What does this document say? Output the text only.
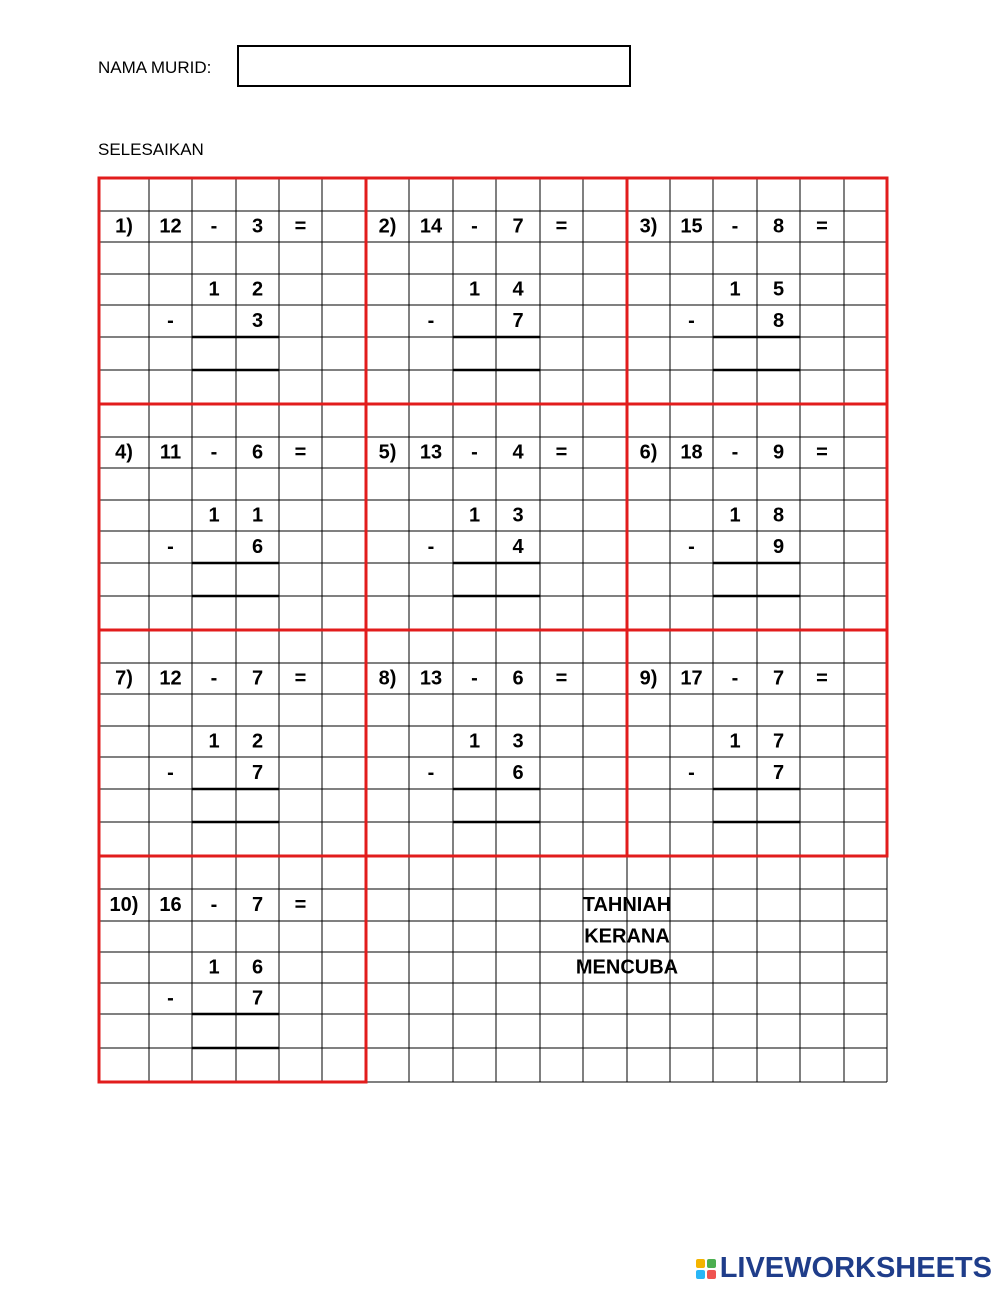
NAMA MURID:
SELESAIKAN
1) 12 - 3 =
1 2
-	3
2) 14 - 7 =
1 4
-	7
3) 15 - 8 =
1 5
-	8
4) 11 - 6 =
1 1
-	6
5) 13 - 4 =
1 3
-	4
6) 18 - 9 =
1 8
-	9
7) 12 - 7 =
1 2
-	7
8) 13 - 6 =
1 3
-	6
9) 17 - 7 =
1 7
-	7
10) 16 - 7 =
1 6
-	7
TAHNIAH
KERANA
MENCUBA
LIVEWORKSHEETS
